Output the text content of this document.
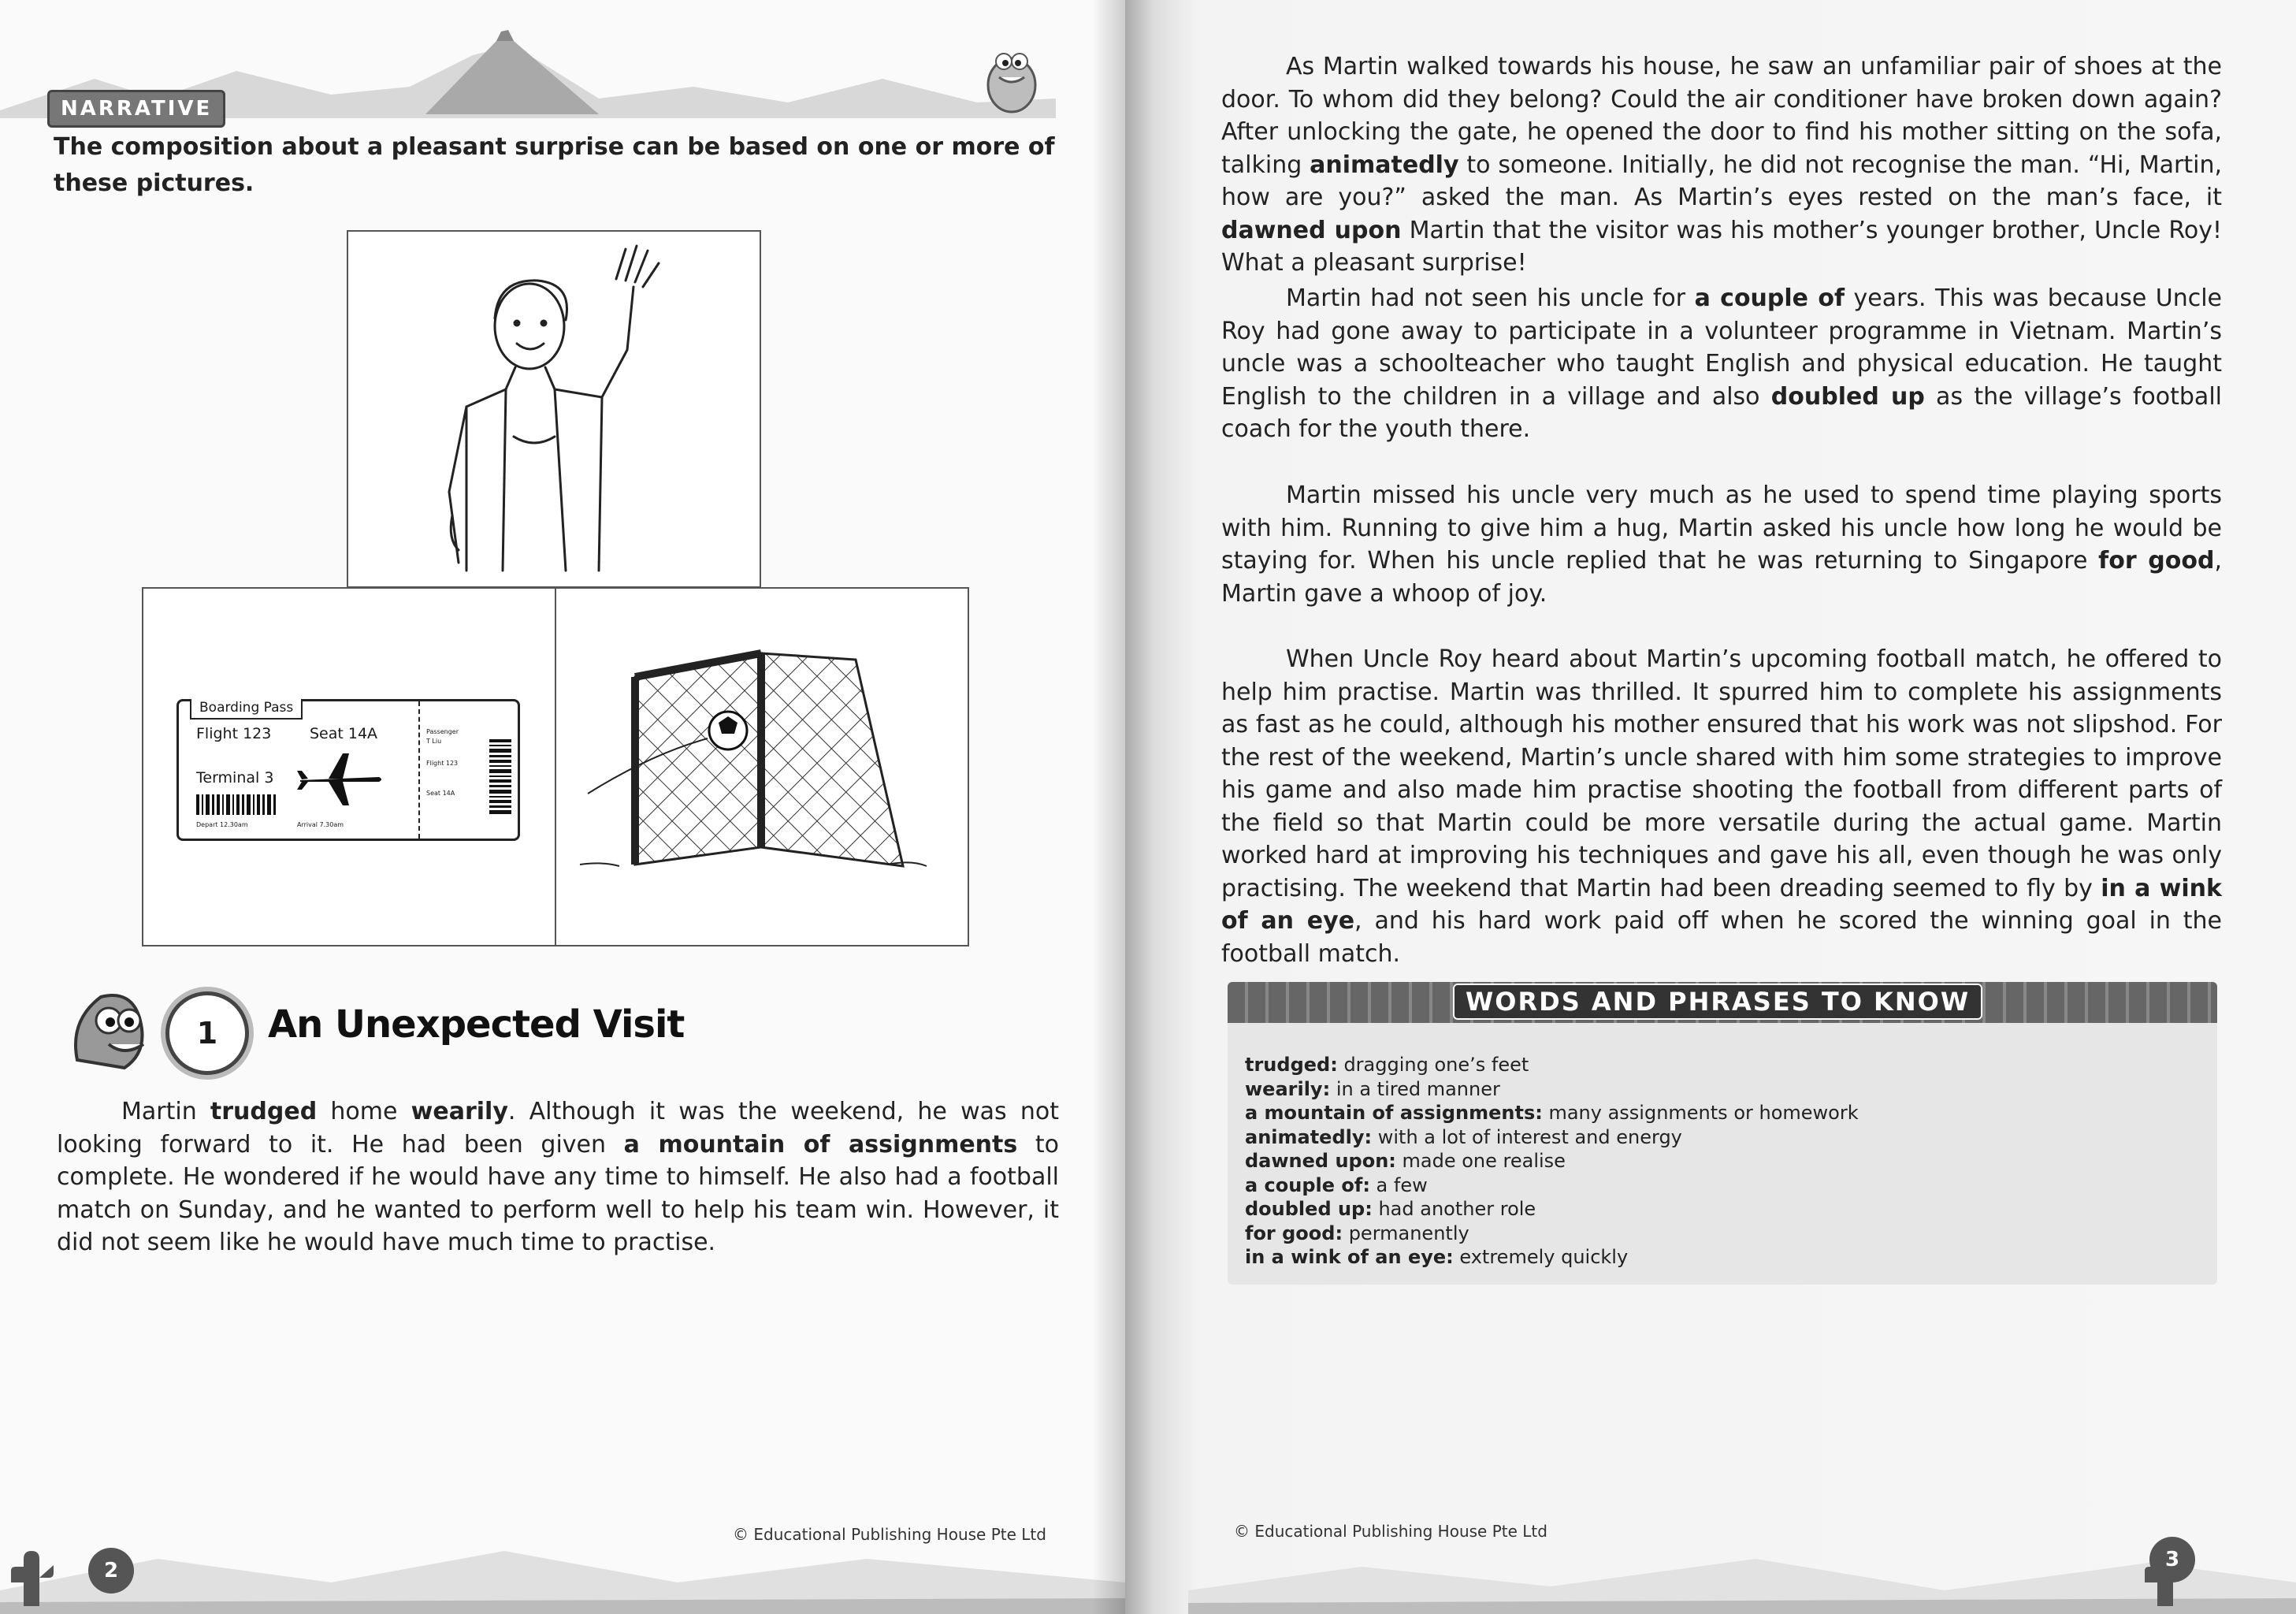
NARRATIVE
The composition about a pleasant surprise can be based on one or more of these pictures.
Boarding Pass
Flight 123	Seat 14A
Terminal 3
Depart 12.30am	Arrival 7.30am
Passenger
T Liu
Flight 123
Seat 14A
1	An Unexpected Visit

Martin trudged home wearily. Although it was the weekend, he was not looking forward to it. He had been given a mountain of assignments to complete. He wondered if he would have any time to himself. He also had a football match on Sunday, and he wanted to perform well to help his team win. However, it did not seem like he would have much time to practise.

2
© Educational Publishing House Pte Ltd

As Martin walked towards his house, he saw an unfamiliar pair of shoes at the door. To whom did they belong? Could the air conditioner have broken down again? After unlocking the gate, he opened the door to find his mother sitting on the sofa, talking animatedly to someone. Initially, he did not recognise the man. “Hi, Martin, how are you?” asked the man. As Martin’s eyes rested on the man’s face, it dawned upon Martin that the visitor was his mother’s younger brother, Uncle Roy! What a pleasant surprise!

Martin had not seen his uncle for a couple of years. This was because Uncle Roy had gone away to participate in a volunteer programme in Vietnam. Martin’s uncle was a schoolteacher who taught English and physical education. He taught English to the children in a village and also doubled up as the village’s football coach for the youth there.

Martin missed his uncle very much as he used to spend time playing sports with him. Running to give him a hug, Martin asked his uncle how long he would be staying for. When his uncle replied that he was returning to Singapore for good, Martin gave a whoop of joy.

When Uncle Roy heard about Martin’s upcoming football match, he offered to help him practise. Martin was thrilled. It spurred him to complete his assignments as fast as he could, although his mother ensured that his work was not slipshod. For the rest of the weekend, Martin’s uncle shared with him some strategies to improve his game and also made him practise shooting the football from different parts of the field so that Martin could be more versatile during the actual game. Martin worked hard at improving his techniques and gave his all, even though he was only practising. The weekend that Martin had been dreading seemed to fly by in a wink of an eye, and his hard work paid off when he scored the winning goal in the football match.

WORDS AND PHRASES TO KNOW
trudged: dragging one’s feet
wearily: in a tired manner
a mountain of assignments: many assignments or homework
animatedly: with a lot of interest and energy
dawned upon: made one realise
a couple of: a few
doubled up: had another role
for good: permanently
in a wink of an eye: extremely quickly
3
© Educational Publishing House Pte Ltd
